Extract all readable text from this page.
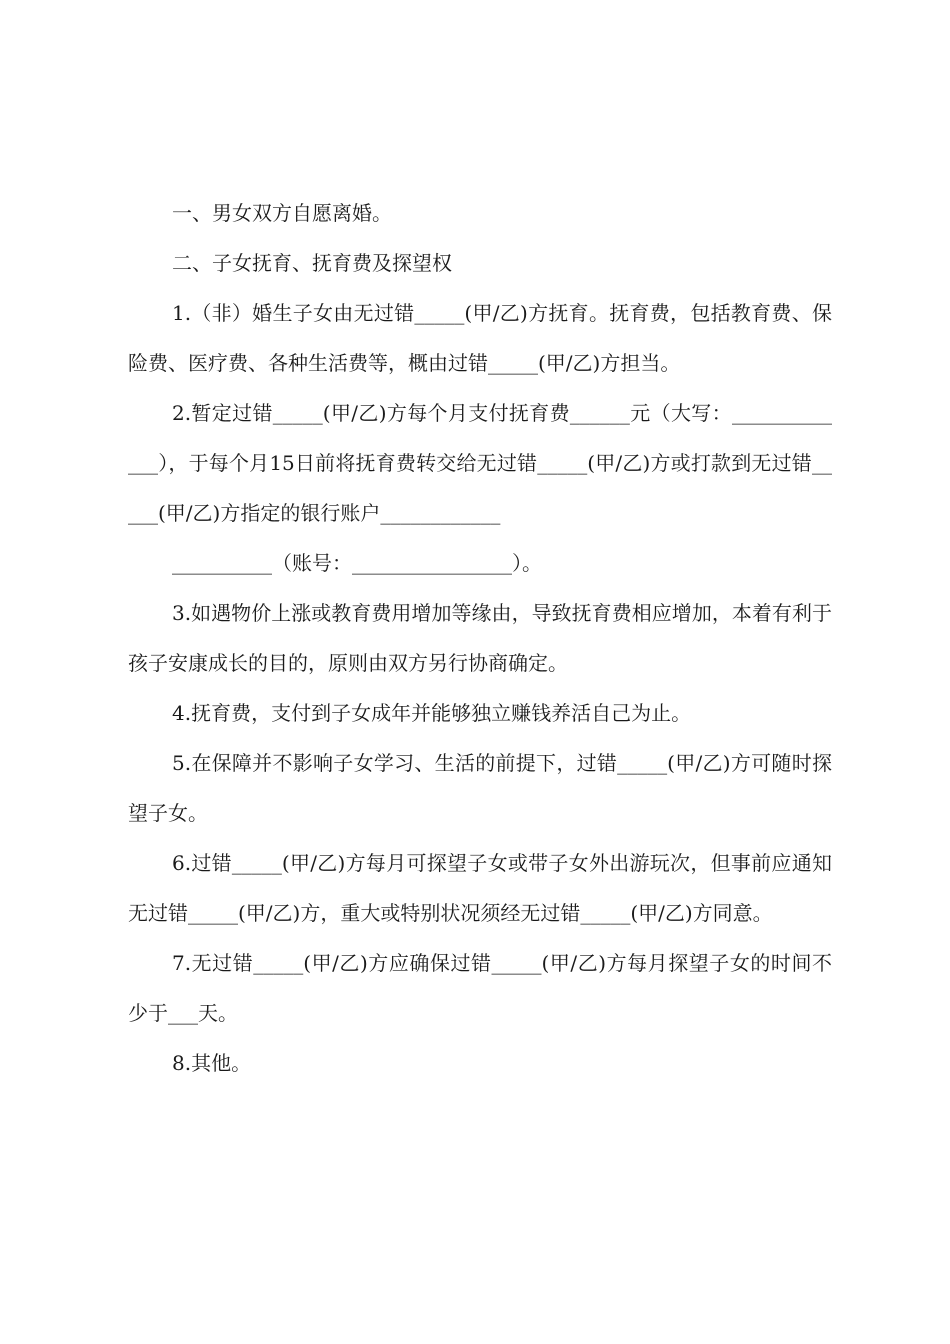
一、男女双方自愿离婚。

二、子女抚育、抚育费及探望权

1.（非）婚生子女由无过错_____(甲/乙)方抚育。抚育费，包括教育费、保险费、医疗费、各种生活费等，概由过错_____(甲/乙)方担当。

2.暂定过错_____(甲/乙)方每个月支付抚育费______元（大写：_____________），于每个月15日前将抚育费转交给无过错_____(甲/乙)方或打款到无过错_____(甲/乙)方指定的银行账户____________

__________（账号：________________）。

3.如遇物价上涨或教育费用增加等缘由，导致抚育费相应增加，本着有利于孩子安康成长的目的，原则由双方另行协商确定。

4.抚育费，支付到子女成年并能够独立赚钱养活自己为止。

5.在保障并不影响子女学习、生活的前提下，过错_____(甲/乙)方可随时探望子女。

6.过错_____(甲/乙)方每月可探望子女或带子女外出游玩次，但事前应通知无过错_____(甲/乙)方，重大或特别状况须经无过错_____(甲/乙)方同意。

7.无过错_____(甲/乙)方应确保过错_____(甲/乙)方每月探望子女的时间不少于___天。

8.其他。
